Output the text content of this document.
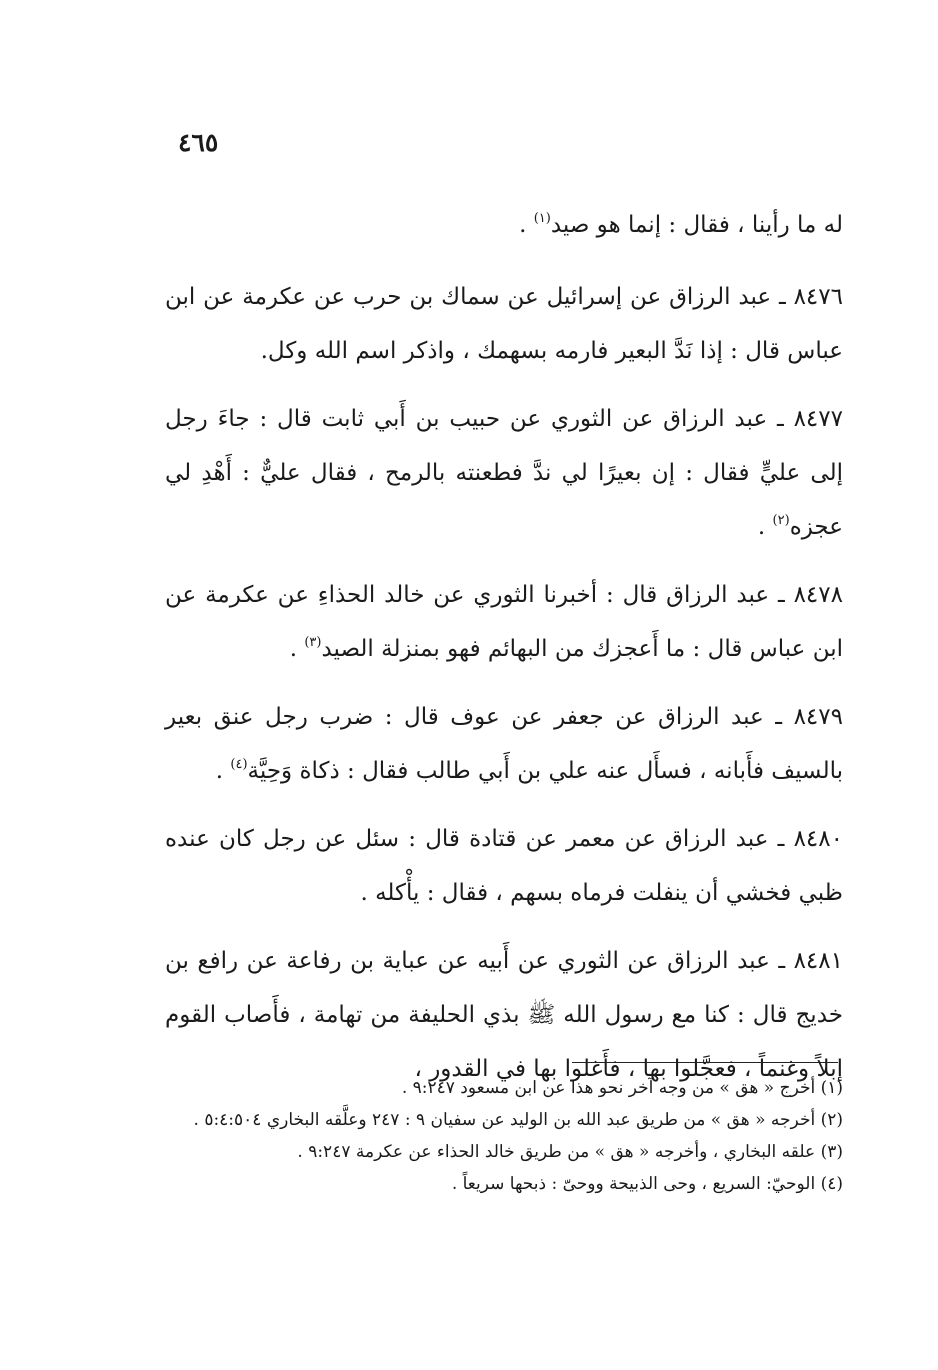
٤٦٥

له ما رأينا ، فقال : إنما هو صيد$^{(١)}$ .

٨٤٧٦ ـ عبد الرزاق عن إسرائيل عن سماك بن حرب عن عكرمة عن ابن عباس قال : إذا نَدَّ البعير فارمه بسهمك ، واذكر اسم الله وكل.

٨٤٧٧ ـ عبد الرزاق عن الثوري عن حبيب بن أَبي ثابت قال : جاءَ رجل إلى عليٍّ فقال : إن بعيرًا لي ندَّ فطعنته بالرمح ، فقال عليٌّ : أَهْدِ لي عجزه$^{(٢)}$ .

٨٤٧٨ ـ عبد الرزاق قال : أخبرنا الثوري عن خالد الحذاءِ عن عكرمة عن ابن عباس قال : ما أَعجزك من البهائم فهو بمنزلة الصيد$^{(٣)}$ .

٨٤٧٩ ـ عبد الرزاق عن جعفر عن عوف قال : ضرب رجل عنق بعير بالسيف فأَبانه ، فسأَل عنه علي بن أَبي طالب فقال : ذكاة وَحِيَّة$^{(٤)}$ .

٨٤٨٠ ـ عبد الرزاق عن معمر عن قتادة قال : سئل عن رجل كان عنده ظبي فخشي أن ينفلت فرماه بسهم ، فقال : يأْكله .

٨٤٨١ ـ عبد الرزاق عن الثوري عن أَبيه عن عباية بن رفاعة عن رافع بن خديج قال : كنا مع رسول الله ﷺ بذي الحليفة من تهامة ، فأَصاب القوم إبلاً وغنماً ، فعجَّلوا بها ، فأَغلوا بها في القدور ،

(١) أخرج « هق » من وجه آخر نحو هذا عن ابن مسعود ٩:٢٤٧ .

(٢) أخرجه « هق » من طريق عبد الله بن الوليد عن سفيان ٩ : ٢٤٧ وعلَّقه البخاري ٥:٤:٥٠٤ .

(٣) علقه البخاري ، وأخرجه « هق » من طريق خالد الحذاء عن عكرمة ٩:٢٤٧ .

(٤) الوحيّ: السريع ، وحى الذبيحة ووحىّ : ذبحها سريعاً .
